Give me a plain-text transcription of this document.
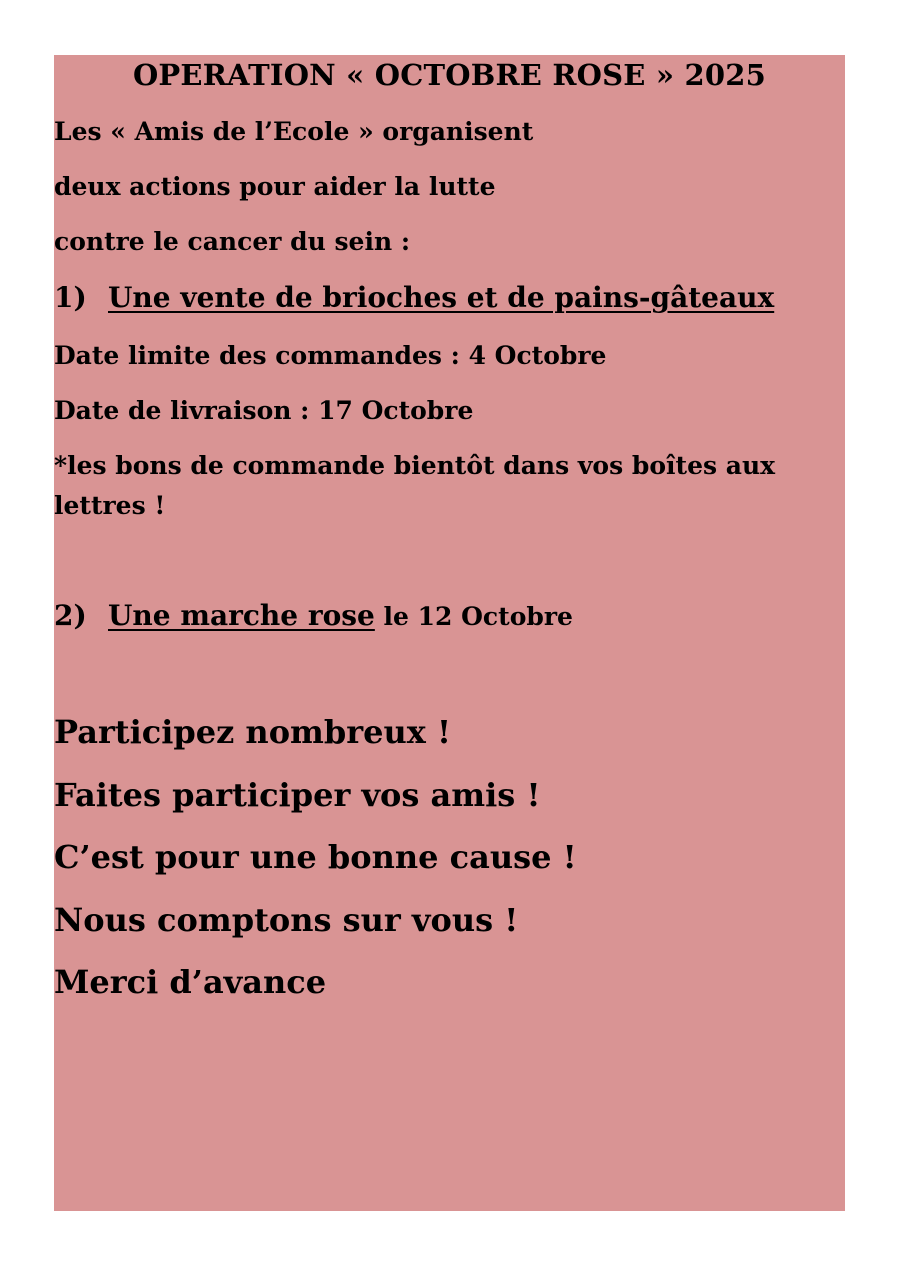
OPERATION « OCTOBRE ROSE » 2025

Les « Amis de l’Ecole » organisent

deux actions pour aider la lutte

contre le cancer du sein :

1) Une vente de brioches et de pains-gâteaux

Date limite des commandes : 4 Octobre

Date de livraison : 17 Octobre

*les bons de commande bientôt dans vos boîtes aux

lettres !

2) Une marche rose le 12 Octobre

Participez nombreux !

Faites participer vos amis !

C’est pour une bonne cause !

Nous comptons sur vous !

Merci d’avance
